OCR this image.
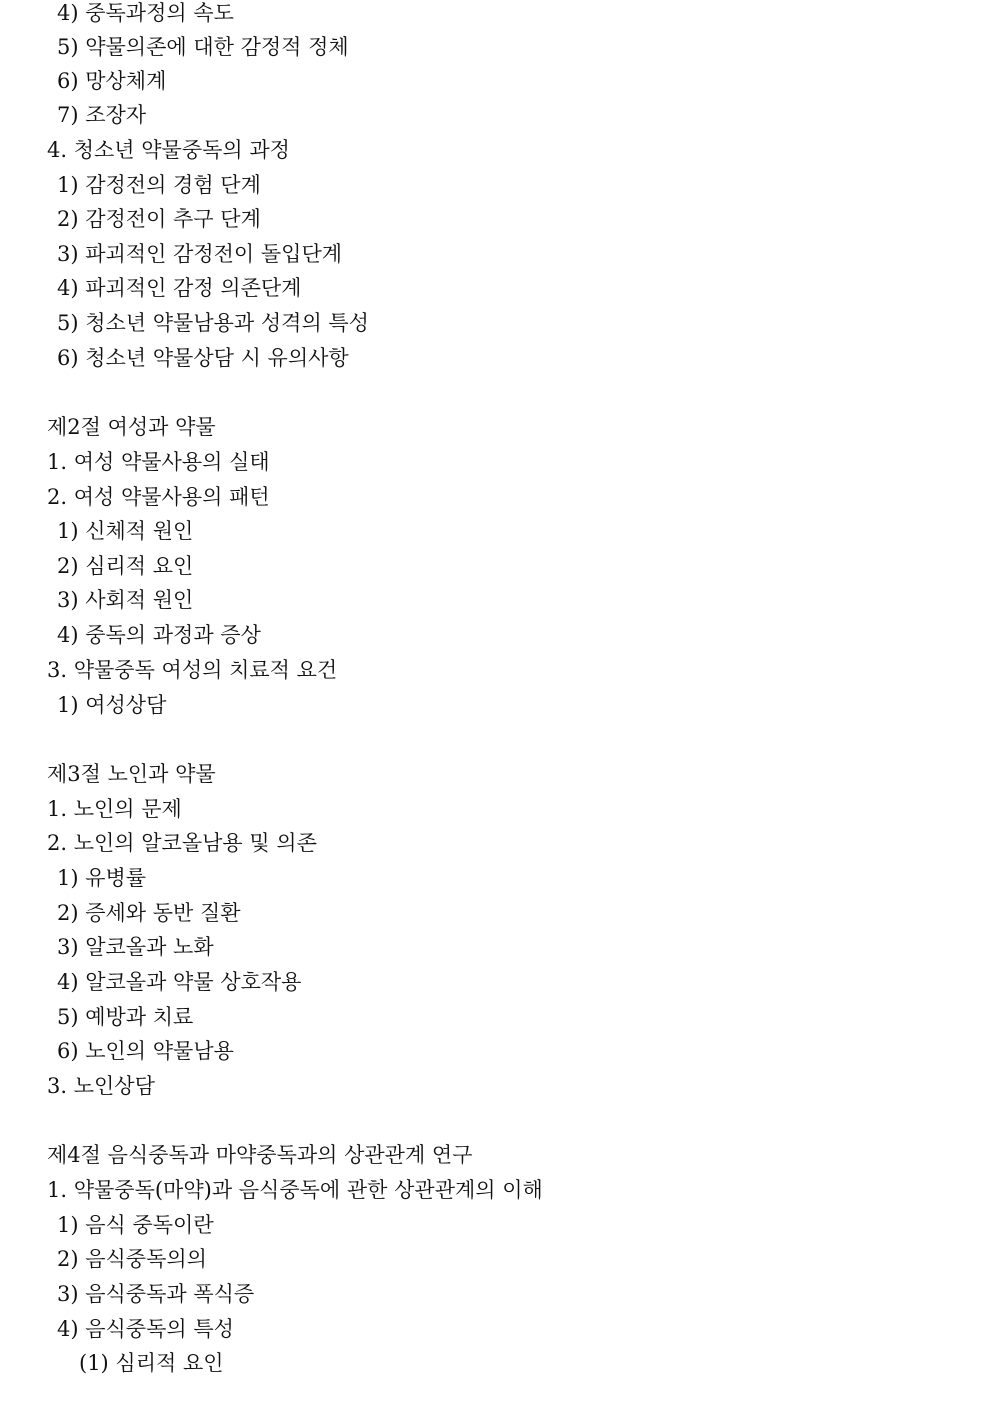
4) 중독과정의 속도
5) 약물의존에 대한 감정적 정체
6) 망상체계
7) 조장자
4. 청소년 약물중독의 과정
1) 감정전의 경험 단계
2) 감정전이 추구 단계
3) 파괴적인 감정전이 돌입단계
4) 파괴적인 감정 의존단계
5) 청소년 약물남용과 성격의 특성
6) 청소년 약물상담 시 유의사항
제2절 여성과 약물
1. 여성 약물사용의 실태
2. 여성 약물사용의 패턴
1) 신체적 원인
2) 심리적 요인
3) 사회적 원인
4) 중독의 과정과 증상
3. 약물중독 여성의 치료적 요건
1) 여성상담
제3절 노인과 약물
1. 노인의 문제
2. 노인의 알코올남용 및 의존
1) 유병률
2) 증세와 동반 질환
3) 알코올과 노화
4) 알코올과 약물 상호작용
5) 예방과 치료
6) 노인의 약물남용
3. 노인상담
제4절 음식중독과 마약중독과의 상관관계 연구
1. 약물중독(마약)과 음식중독에 관한 상관관계의 이해
1) 음식 중독이란
2) 음식중독의의
3) 음식중독과 폭식증
4) 음식중독의 특성
(1) 심리적 요인
